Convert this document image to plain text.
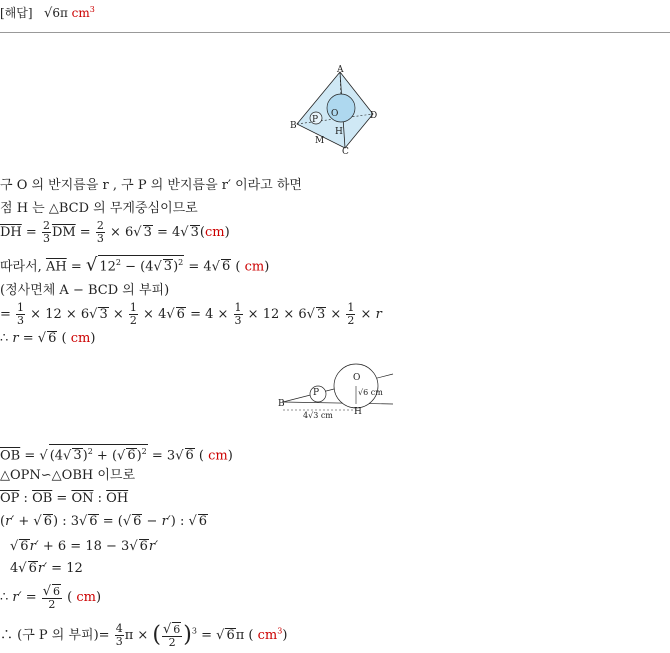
[해답] √6π $cm^3$
A
B
C
D
O
P
H
M
구 O 의 반지름을 r , 구 P 의 반지름을 r′ 이라고 하면
점 H 는 △BCD 의 무게중심이므로
$\overline{DH} = \frac{2}{3} \overline{DM} = \frac{2}{3} \times 6√$ 3 = 4√ 3(cm)
따라서, $\overline{AH}$ = √ $12^2 - (4√$ 3)$^2$ = 4√ 6 ( cm)
(정사면체 A − BCD 의 부피)
= $\frac{1}{3} \times 12 \times 6√$ $3 \times \frac{1}{2} \times 4√$ $6 = 4 \times \frac{1}{3} \times 12 \times 6√$ $3 \times \frac{1}{2} \times r$
∴ r = √ 6 ( cm)
B
P
O
H
√6 cm
4√3 cm
$\overline{OB}$ = √ (4√ 3)$^2$ + (√ 6)$^2$ = 3√ 6 ( cm)
△OPN∽△OBH 이므로
$\overline{OP}$ : $\overline{OB} = \overline{ON}$ : $\overline{OH}$
(r′ + √ 6) : 3√ 6 = (√ 6 − r′) : √ 6
√ 6r′ + 6 = 18 − 3√ 6r′
4√ 6r′ = 12
∴ $r' = \frac{√ 6}{2}$ ( cm)
∴ (구 P 의 부피)= $\frac{4}{3}$ π × ( $\frac{√ 6}{2} )^3$ = √ 6π ( $cm^3$)
